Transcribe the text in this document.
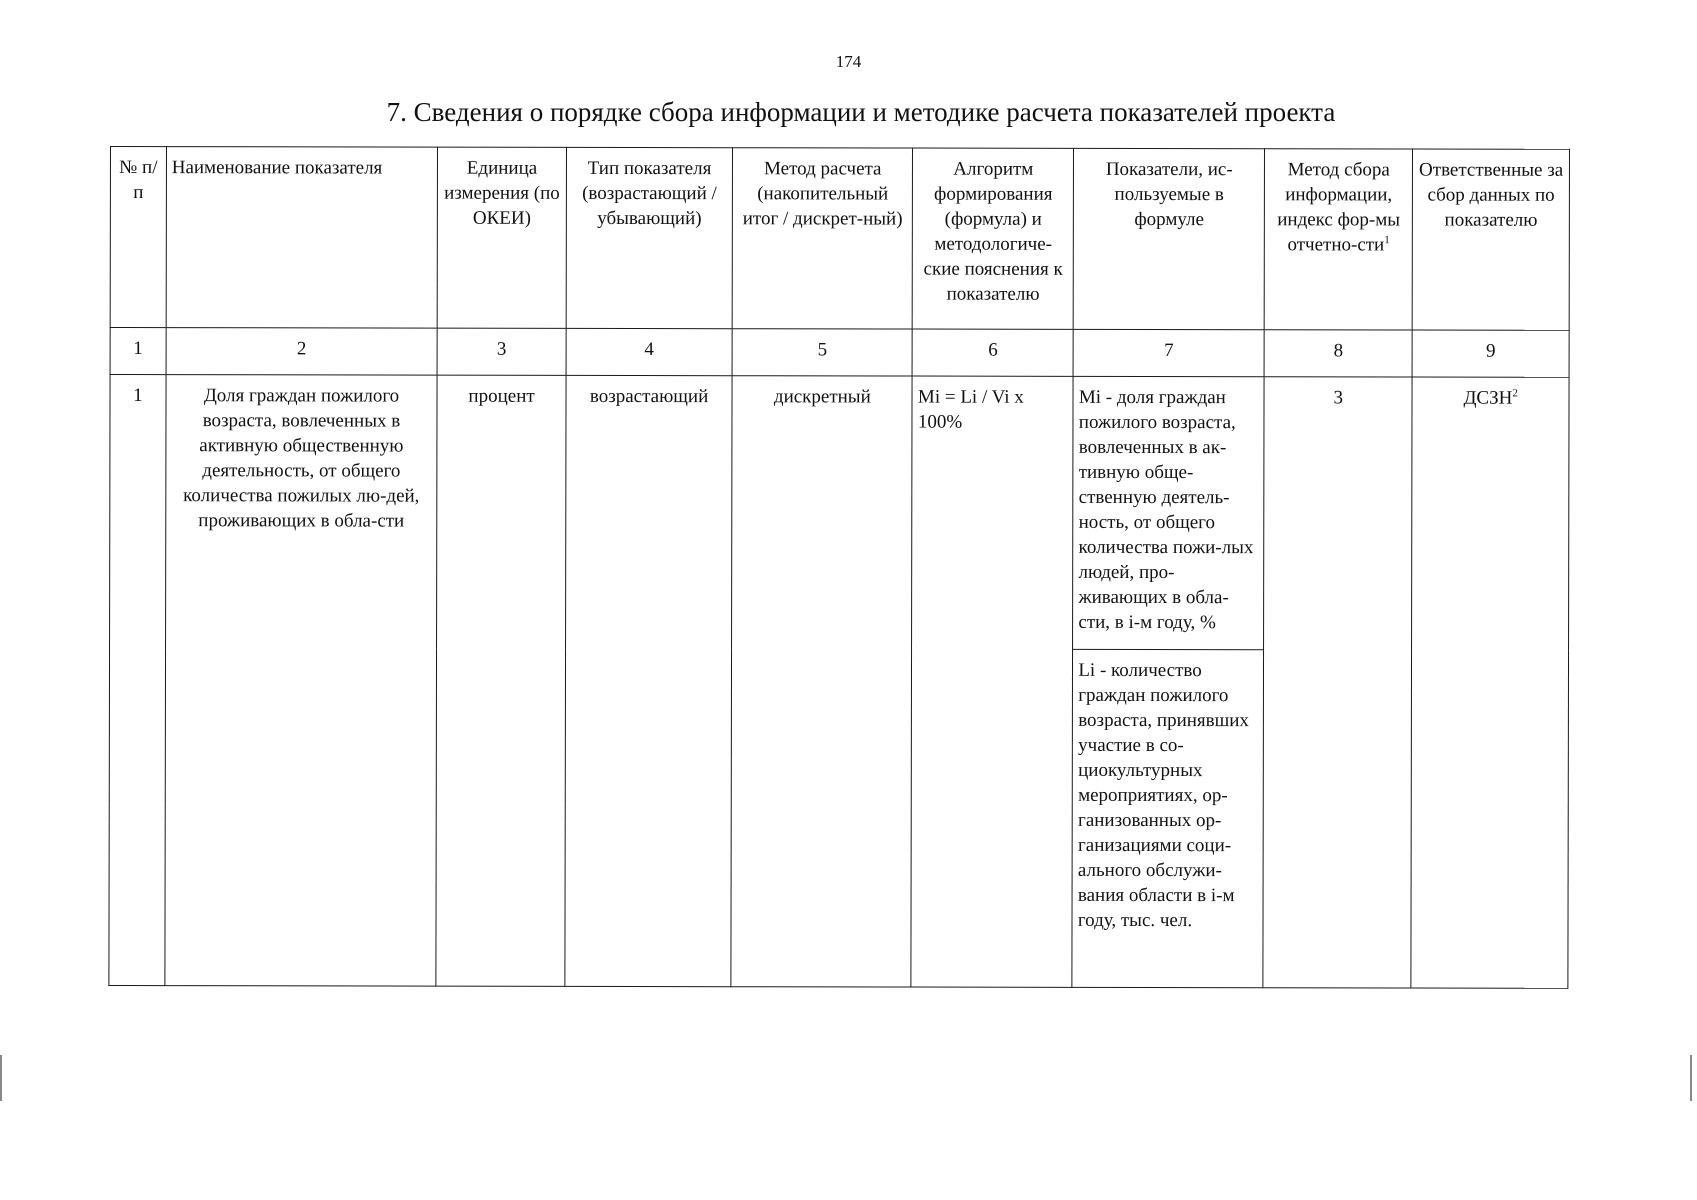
174
7. Сведения о порядке сбора информации и методике расчета показателей проекта
№ п/п	Наименование показателя	Единица измерения (по ОКЕИ)	Тип показателя (возрастающий / убывающий)	Метод расчета (накопительный итог / дискрет-ный)	Алгоритм формирования (формула) и методологиче-ские пояснения к показателю	Показатели, ис-пользуемые в формуле	Метод сбора информации, индекс фор-мы отчетно-сти$^1$	Ответственные за сбор данных по показателю
1	2	3	4	5	6	7	8	9
1	Доля граждан пожилого возраста, вовлеченных в активную общественную деятельность, от общего количества пожилых лю-дей, проживающих в обла-сти	процент	возрастающий	дискретный	Mi = Li / Vi x 100%	Mi - доля граждан пожилого возраста, вовлеченных в ак-тивную обще-ственную деятель-ность, от общего количества пожи-лых людей, про-живающих в обла-сти, в i-м году, %	3	ДСЗН$^2$
						Li - количество граждан пожилого возраста, принявших участие в со-циокультурных мероприятиях, ор-ганизованных ор-ганизациями соци-ального обслужи-вания области в i-м году, тыс. чел.		
